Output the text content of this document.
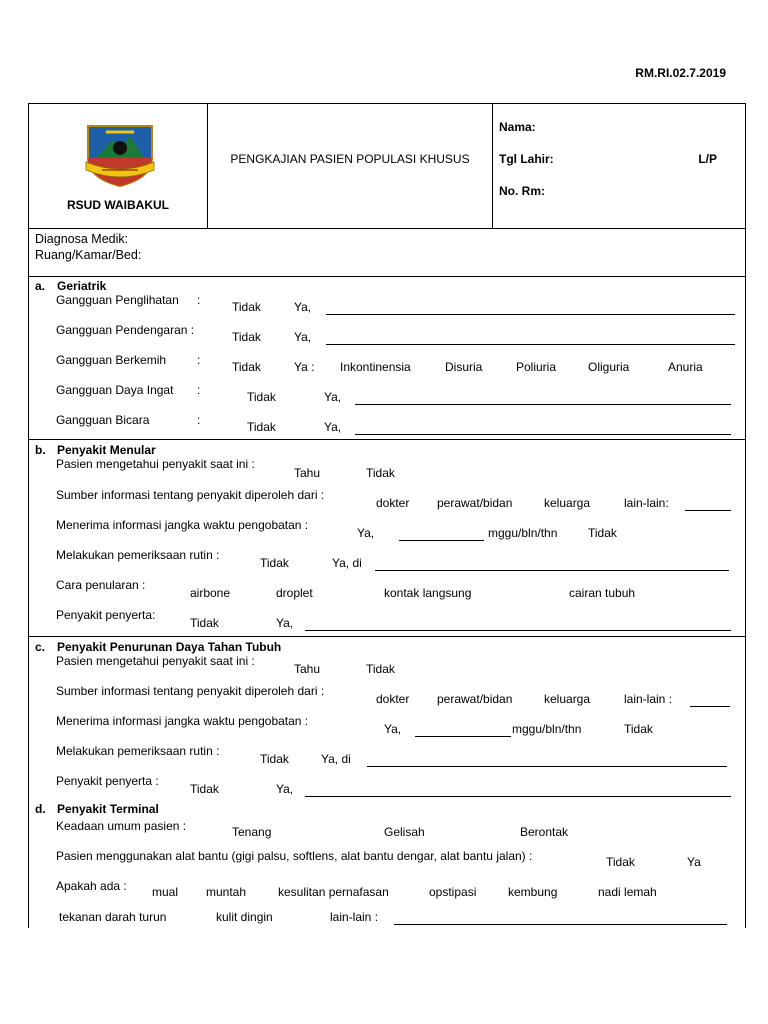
RM.RI.02.7.2019
RSUD WAIBAKUL
PENGKAJIAN PASIEN POPULASI KHUSUS
Nama:
Tgl Lahir:	L/P
No. Rm:
Diagnosa Medik:
Ruang/Kamar/Bed:
a. Geriatrik
Gangguan Penglihatan :	Tidak	Ya,
Gangguan Pendengaran :	Tidak	Ya,
Gangguan Berkemih	:	Tidak	Ya : Inkontinensia	Disuria	Poliuria	Oliguria	Anuria
Gangguan Daya Ingat :	Tidak	Ya,
Gangguan Bicara	:	Tidak	Ya,
b. Penyakit Menular
Pasien mengetahui penyakit saat ini :
Tahu	Tidak
Sumber informasi tentang penyakit diperoleh dari :
dokter perawat/bidan	keluarga	lain-lain:
Menerima informasi jangka waktu pengobatan :
Ya,	mggu/bln/thn	Tidak
Melakukan pemeriksaan rutin :
Tidak	Ya, di
Cara penularan :
airbone	droplet	kontak langsung	cairan tubuh
Penyakit penyerta:
Tidak	Ya,
c. Penyakit Penurunan Daya Tahan Tubuh
Pasien mengetahui penyakit saat ini :
Tahu	Tidak
Sumber informasi tentang penyakit diperoleh dari :
dokter perawat/bidan	keluarga	lain-lain :
Menerima informasi jangka waktu pengobatan :
Ya,	mggu/bln/thn	Tidak
Melakukan pemeriksaan rutin :
Tidak	Ya, di
Penyakit penyerta :
Tidak	Ya,
d. Penyakit Terminal
Keadaan umum pasien :	Tenang	Gelisah	Berontak
Pasien menggunakan alat bantu (gigi palsu, softlens, alat bantu dengar, alat bantu jalan) :	Tidak	Ya
Apakah ada : mual muntah	kesulitan pernafasan	opstipasi	kembung	nadi lemah
tekanan darah turun	kulit dingin	lain-lain :
